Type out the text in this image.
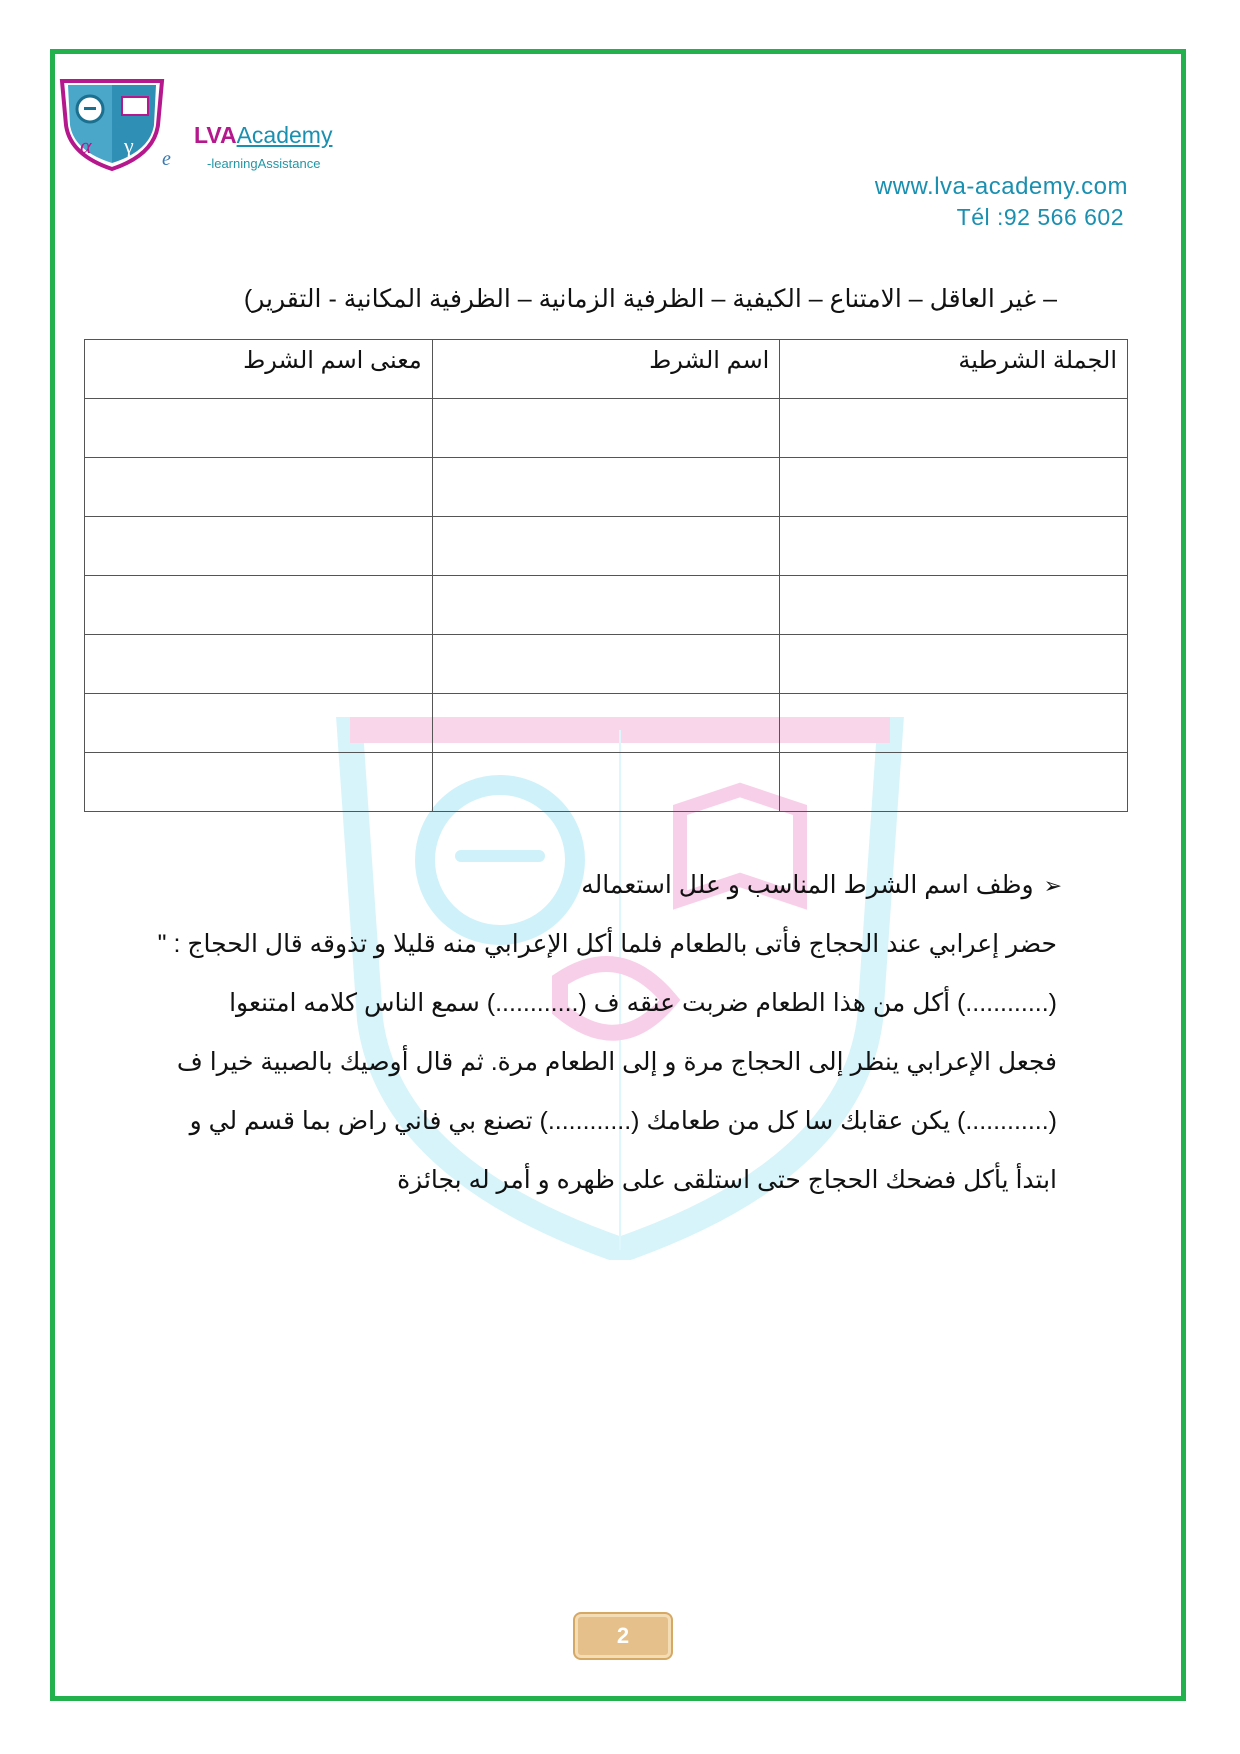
α γ	LVAAcademy
e	-learningAssistance
www.lva-academy.com
Tél :92 566 602
– غير العاقل – الامتناع – الكيفية – الظرفية الزمانية – الظرفية المكانية - التقرير)
الجملة الشرطية	اسم الشرط	معنى اسم الشرط

➢وظف اسم الشرط المناسب و علل استعماله
حضر إعرابي عند الحجاج فأتى بالطعام فلما أكل الإعرابي منه قليلا و تذوقه قال الحجاج : "
(............) أكل من هذا الطعام ضربت عنقه ف (............) سمع الناس كلامه امتنعوا
فجعل الإعرابي ينظر إلى الحجاج مرة و إلى الطعام مرة. ثم قال أوصيك بالصبية خيرا ف
(............) يكن عقابك سا كل من طعامك (............) تصنع بي فاني راض بما قسم لي و
ابتدأ يأكل فضحك الحجاج حتى استلقى على ظهره و أمر له بجائزة
2
